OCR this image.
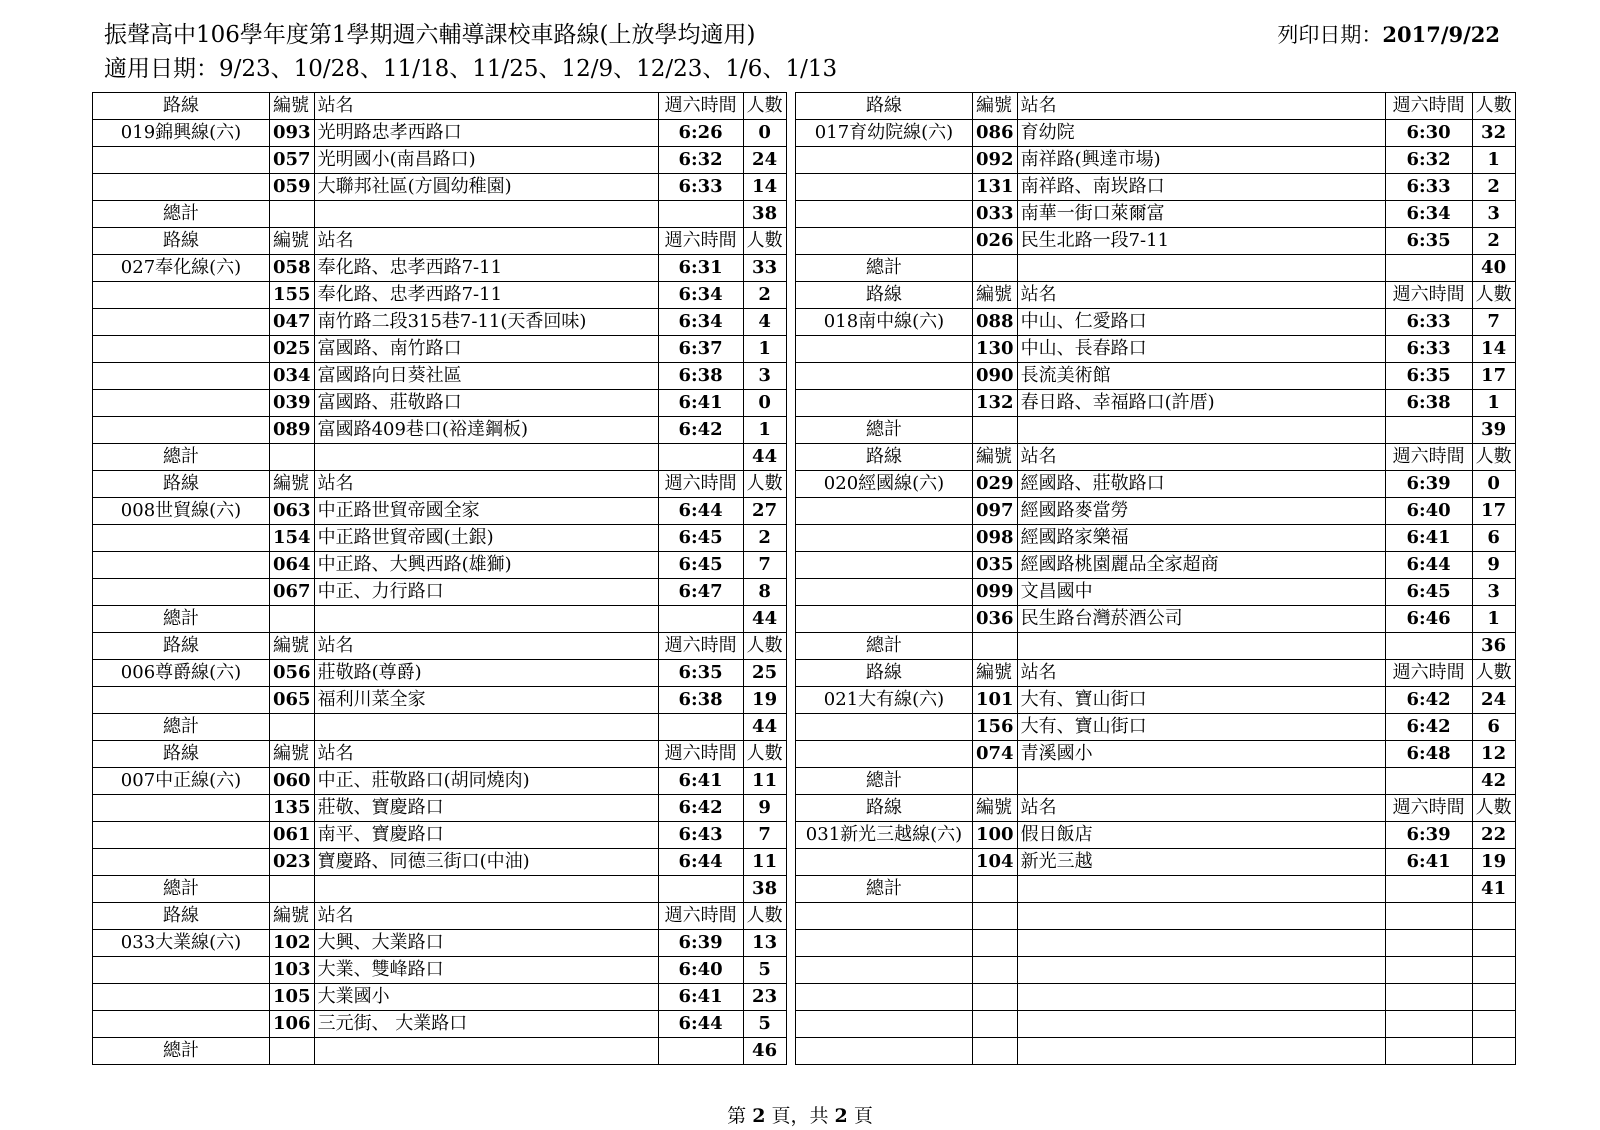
振聲高中106學年度第1學期週六輔導課校車路線(上放學均適用)
適用日期：9/23、10/28、11/18、11/25、12/9、12/23、1/6、1/13
列印日期：2017/9/22
路線	編號	站名	週六時間	人數
019錦興線(六)	093	光明路忠孝西路口	6:26	0
	057	光明國小(南昌路口)	6:32	24
	059	大聯邦社區(方圓幼稚園)	6:33	14
總計				38
路線	編號	站名	週六時間	人數
027奉化線(六)	058	奉化路、忠孝西路7-11	6:31	33
	155	奉化路、忠孝西路7-11	6:34	2
	047	南竹路二段315巷7-11(天香回味)	6:34	4
	025	富國路、南竹路口	6:37	1
	034	富國路向日葵社區	6:38	3
	039	富國路、莊敬路口	6:41	0
	089	富國路409巷口(裕達鋼板)	6:42	1
總計				44
路線	編號	站名	週六時間	人數
008世貿線(六)	063	中正路世貿帝國全家	6:44	27
	154	中正路世貿帝國(土銀)	6:45	2
	064	中正路、大興西路(雄獅)	6:45	7
	067	中正、力行路口	6:47	8
總計				44
路線	編號	站名	週六時間	人數
006尊爵線(六)	056	莊敬路(尊爵)	6:35	25
	065	福利川菜全家	6:38	19
總計				44
路線	編號	站名	週六時間	人數
007中正線(六)	060	中正、莊敬路口(胡同燒肉)	6:41	11
	135	莊敬、寶慶路口	6:42	9
	061	南平、寶慶路口	6:43	7
	023	寶慶路、同德三街口(中油)	6:44	11
總計				38
路線	編號	站名	週六時間	人數
033大業線(六)	102	大興、大業路口	6:39	13
	103	大業、雙峰路口	6:40	5
	105	大業國小	6:41	23
	106	三元街、 大業路口	6:44	5
總計				46
路線	編號	站名	週六時間	人數
017育幼院線(六)	086	育幼院	6:30	32
	092	南祥路(興達市場)	6:32	1
	131	南祥路、南崁路口	6:33	2
	033	南華一街口萊爾富	6:34	3
	026	民生北路一段7-11	6:35	2
總計				40
路線	編號	站名	週六時間	人數
018南中線(六)	088	中山、仁愛路口	6:33	7
	130	中山、長春路口	6:33	14
	090	長流美術館	6:35	17
	132	春日路、幸福路口(許厝)	6:38	1
總計				39
路線	編號	站名	週六時間	人數
020經國線(六)	029	經國路、莊敬路口	6:39	0
	097	經國路麥當勞	6:40	17
	098	經國路家樂福	6:41	6
	035	經國路桃園麗品全家超商	6:44	9
	099	文昌國中	6:45	3
	036	民生路台灣菸酒公司	6:46	1
總計				36
路線	編號	站名	週六時間	人數
021大有線(六)	101	大有、寶山街口	6:42	24
	156	大有、寶山街口	6:42	6
	074	青溪國小	6:48	12
總計				42
路線	編號	站名	週六時間	人數
031新光三越線(六)	100	假日飯店	6:39	22
	104	新光三越	6:41	19
總計				41

第 2 頁，共 2 頁
